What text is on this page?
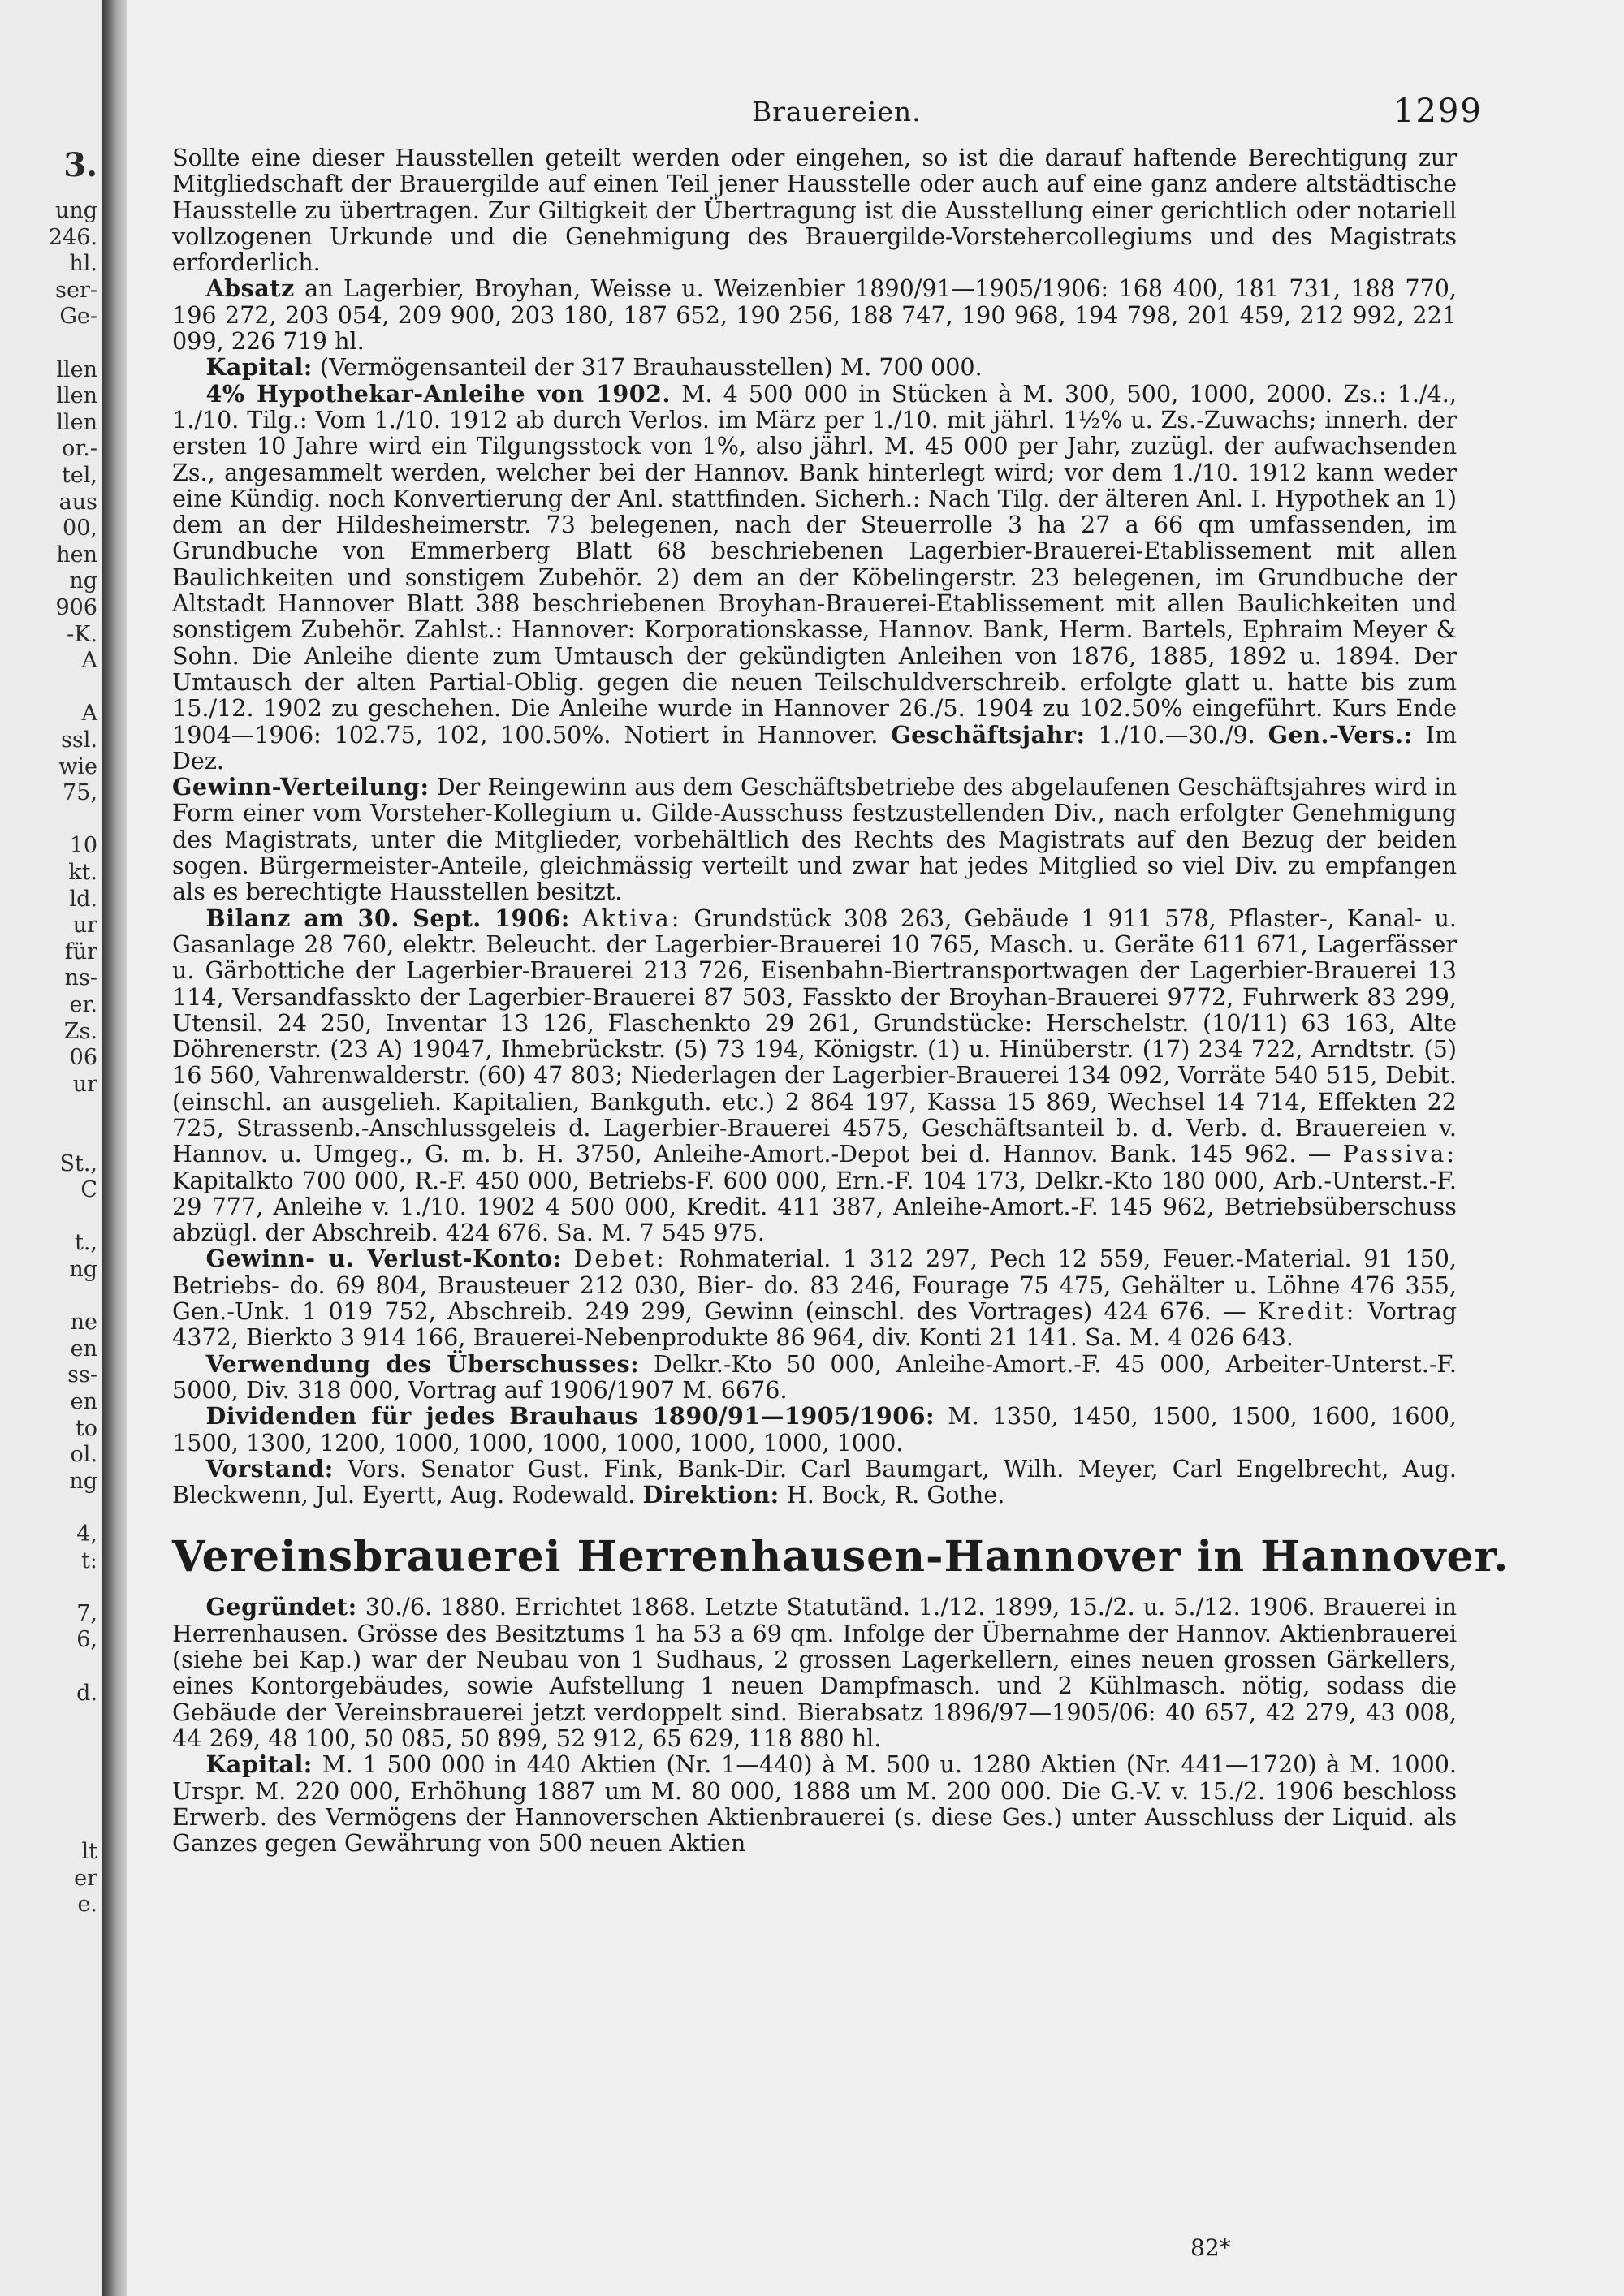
3.
ung
246.
hl.
ser-
Ge-
llen
llen
llen
or.-
tel,
aus
00,
hen
ng
906
-K.
A
A
ssl.
wie
75,
10
kt.
ld.
ur
für
ns-
er.
Zs.
06
ur
St.,
C
t.,
ng
ne
en
ss-
en
to
ol.
ng
4,
t:
7,
6,
d.
lt
er
e.
Brauereien.	1299

Sollte eine dieser Hausstellen geteilt werden oder eingehen, so ist die darauf haftende Berechtigung zur Mitgliedschaft der Brauergilde auf einen Teil jener Hausstelle oder auch auf eine ganz andere altstädtische Hausstelle zu übertragen. Zur Giltigkeit der Übertragung ist die Ausstellung einer gerichtlich oder notariell vollzogenen Urkunde und die Genehmigung des Brauergilde-Vorstehercollegiums und des Magistrats erforderlich.

Absatz an Lagerbier, Broyhan, Weisse u. Weizenbier 1890/91—1905/1906: 168 400, 181 731, 188 770, 196 272, 203 054, 209 900, 203 180, 187 652, 190 256, 188 747, 190 968, 194 798, 201 459, 212 992, 221 099, 226 719 hl.

Kapital: (Vermögensanteil der 317 Brauhausstellen) M. 700 000.

4% Hypothekar-Anleihe von 1902. M. 4 500 000 in Stücken à M. 300, 500, 1000, 2000. Zs.: 1./4., 1./10. Tilg.: Vom 1./10. 1912 ab durch Verlos. im März per 1./10. mit jährl. 1½% u. Zs.-Zuwachs; innerh. der ersten 10 Jahre wird ein Tilgungsstock von 1%, also jährl. M. 45 000 per Jahr, zuzügl. der aufwachsenden Zs., angesammelt werden, welcher bei der Hannov. Bank hinterlegt wird; vor dem 1./10. 1912 kann weder eine Kündig. noch Konvertierung der Anl. stattfinden. Sicherh.: Nach Tilg. der älteren Anl. I. Hypothek an 1) dem an der Hildesheimerstr. 73 belegenen, nach der Steuerrolle 3 ha 27 a 66 qm umfassenden, im Grundbuche von Emmerberg Blatt 68 beschriebenen Lagerbier-Brauerei-Etablissement mit allen Baulichkeiten und sonstigem Zubehör. 2) dem an der Köbelingerstr. 23 belegenen, im Grundbuche der Altstadt Hannover Blatt 388 beschriebenen Broyhan-Brauerei-Etablissement mit allen Baulichkeiten und sonstigem Zubehör. Zahlst.: Hannover: Korporationskasse, Hannov. Bank, Herm. Bartels, Ephraim Meyer & Sohn. Die Anleihe diente zum Umtausch der gekündigten Anleihen von 1876, 1885, 1892 u. 1894. Der Umtausch der alten Partial-Oblig. gegen die neuen Teilschuldverschreib. erfolgte glatt u. hatte bis zum 15./12. 1902 zu geschehen. Die Anleihe wurde in Hannover 26./5. 1904 zu 102.50% eingeführt. Kurs Ende 1904—1906: 102.75, 102, 100.50%. Notiert in Hannover. Geschäftsjahr: 1./10.—30./9. Gen.-Vers.: Im Dez.

Gewinn-Verteilung: Der Reingewinn aus dem Geschäftsbetriebe des abgelaufenen Geschäftsjahres wird in Form einer vom Vorsteher-Kollegium u. Gilde-Ausschuss festzustellenden Div., nach erfolgter Genehmigung des Magistrats, unter die Mitglieder, vorbehältlich des Rechts des Magistrats auf den Bezug der beiden sogen. Bürgermeister-Anteile, gleichmässig verteilt und zwar hat jedes Mitglied so viel Div. zu empfangen als es berechtigte Hausstellen besitzt.

Bilanz am 30. Sept. 1906: Aktiva: Grundstück 308 263, Gebäude 1 911 578, Pflaster-, Kanal- u. Gasanlage 28 760, elektr. Beleucht. der Lagerbier-Brauerei 10 765, Masch. u. Geräte 611 671, Lagerfässer u. Gärbottiche der Lagerbier-Brauerei 213 726, Eisenbahn-Biertransportwagen der Lagerbier-Brauerei 13 114, Versandfasskto der Lagerbier-Brauerei 87 503, Fasskto der Broyhan-Brauerei 9772, Fuhrwerk 83 299, Utensil. 24 250, Inventar 13 126, Flaschenkto 29 261, Grundstücke: Herschelstr. (10/11) 63 163, Alte Döhrenerstr. (23 A) 19047, Ihmebrückstr. (5) 73 194, Königstr. (1) u. Hinüberstr. (17) 234 722, Arndtstr. (5) 16 560, Vahrenwalderstr. (60) 47 803; Niederlagen der Lagerbier-Brauerei 134 092, Vorräte 540 515, Debit. (einschl. an ausgelieh. Kapitalien, Bankguth. etc.) 2 864 197, Kassa 15 869, Wechsel 14 714, Effekten 22 725, Strassenb.-Anschlussgeleis d. Lagerbier-Brauerei 4575, Geschäftsanteil b. d. Verb. d. Brauereien v. Hannov. u. Umgeg., G. m. b. H. 3750, Anleihe-Amort.-Depot bei d. Hannov. Bank. 145 962. — Passiva: Kapitalkto 700 000, R.-F. 450 000, Betriebs-F. 600 000, Ern.-F. 104 173, Delkr.-Kto 180 000, Arb.-Unterst.-F. 29 777, Anleihe v. 1./10. 1902 4 500 000, Kredit. 411 387, Anleihe-Amort.-F. 145 962, Betriebsüberschuss abzügl. der Abschreib. 424 676. Sa. M. 7 545 975.

Gewinn- u. Verlust-Konto: Debet: Rohmaterial. 1 312 297, Pech 12 559, Feuer.-Material. 91 150, Betriebs- do. 69 804, Brausteuer 212 030, Bier- do. 83 246, Fourage 75 475, Gehälter u. Löhne 476 355, Gen.-Unk. 1 019 752, Abschreib. 249 299, Gewinn (einschl. des Vortrages) 424 676. — Kredit: Vortrag 4372, Bierkto 3 914 166, Brauerei-Nebenprodukte 86 964, div. Konti 21 141. Sa. M. 4 026 643.

Verwendung des Überschusses: Delkr.-Kto 50 000, Anleihe-Amort.-F. 45 000, Arbeiter-Unterst.-F. 5000, Div. 318 000, Vortrag auf 1906/1907 M. 6676.

Dividenden für jedes Brauhaus 1890/91—1905/1906: M. 1350, 1450, 1500, 1500, 1600, 1600, 1500, 1300, 1200, 1000, 1000, 1000, 1000, 1000, 1000, 1000.

Vorstand: Vors. Senator Gust. Fink, Bank-Dir. Carl Baumgart, Wilh. Meyer, Carl Engelbrecht, Aug. Bleckwenn, Jul. Eyertt, Aug. Rodewald. Direktion: H. Bock, R. Gothe.

Vereinsbrauerei Herrenhausen-Hannover in Hannover.

Gegründet: 30./6. 1880. Errichtet 1868. Letzte Statutänd. 1./12. 1899, 15./2. u. 5./12. 1906. Brauerei in Herrenhausen. Grösse des Besitztums 1 ha 53 a 69 qm. Infolge der Übernahme der Hannov. Aktienbrauerei (siehe bei Kap.) war der Neubau von 1 Sudhaus, 2 grossen Lagerkellern, eines neuen grossen Gärkellers, eines Kontorgebäudes, sowie Aufstellung 1 neuen Dampfmasch. und 2 Kühlmasch. nötig, sodass die Gebäude der Vereinsbrauerei jetzt verdoppelt sind. Bierabsatz 1896/97—1905/06: 40 657, 42 279, 43 008, 44 269, 48 100, 50 085, 50 899, 52 912, 65 629, 118 880 hl.

Kapital: M. 1 500 000 in 440 Aktien (Nr. 1—440) à M. 500 u. 1280 Aktien (Nr. 441—1720) à M. 1000. Urspr. M. 220 000, Erhöhung 1887 um M. 80 000, 1888 um M. 200 000. Die G.-V. v. 15./2. 1906 beschloss Erwerb. des Vermögens der Hannoverschen Aktienbrauerei (s. diese Ges.) unter Ausschluss der Liquid. als Ganzes gegen Gewährung von 500 neuen Aktien

82*
